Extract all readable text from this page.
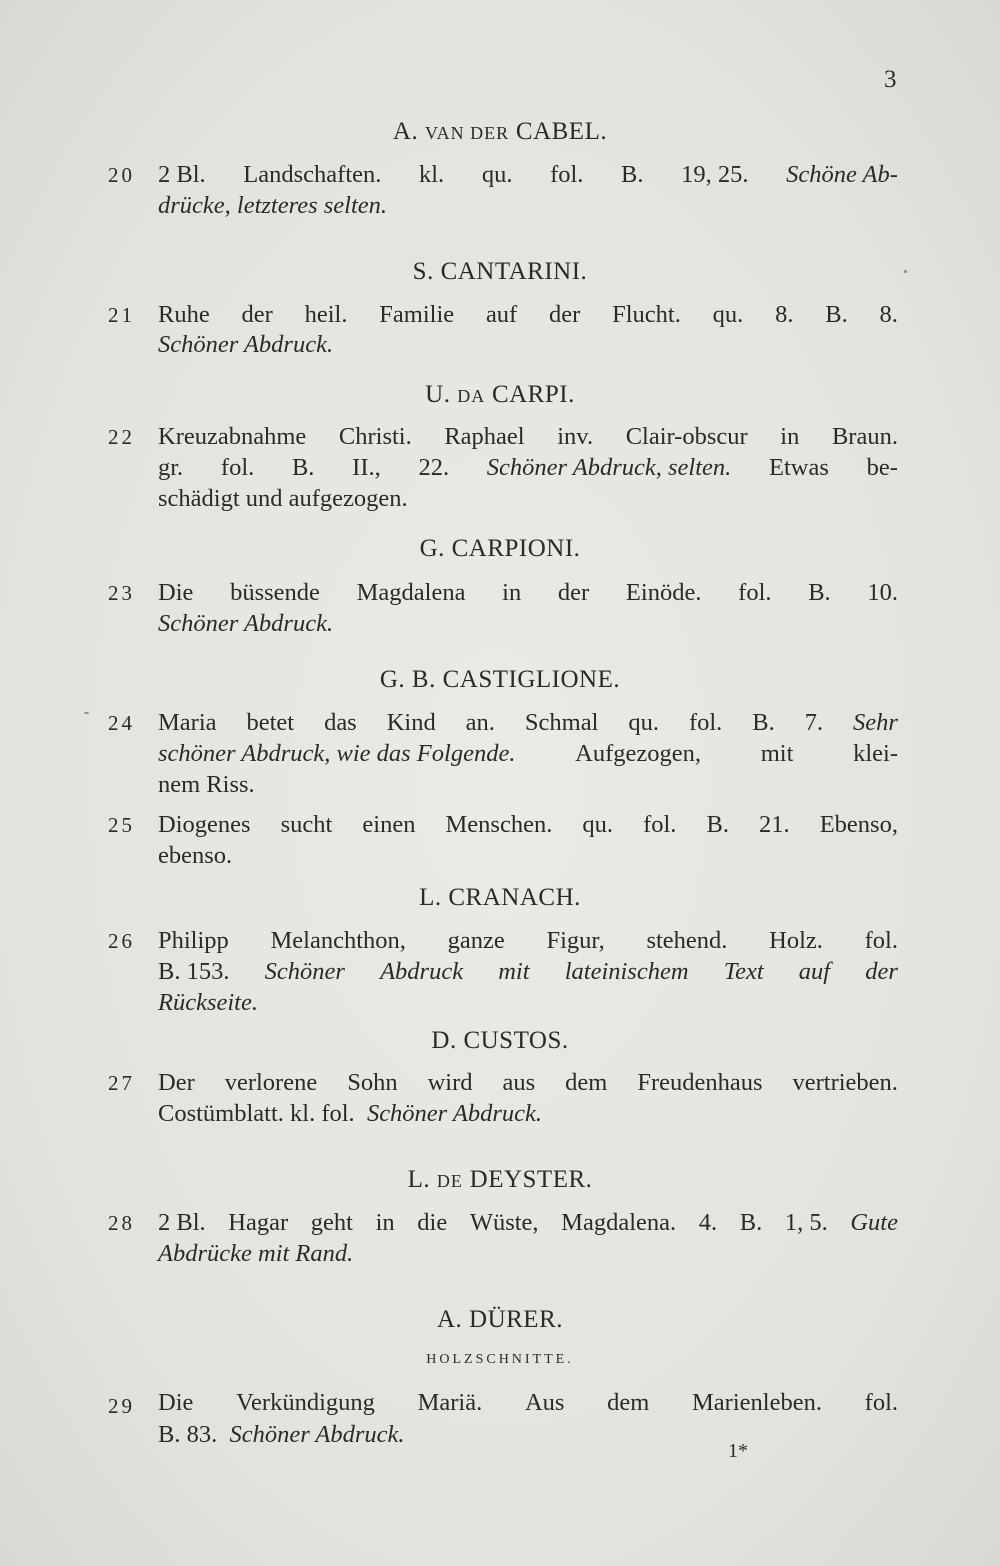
3
A. VAN DER CABEL.
20 2 Bl. Landschaften. kl. qu. fol. B. 19, 25. Schöne Ab-
drücke, letzteres selten.
S. CANTARINI.
21 Ruhe der heil. Familie auf der Flucht. qu. 8. B. 8.
Schöner Abdruck.
U. DA CARPI.
22 Kreuzabnahme Christi. Raphael inv. Clair-obscur in Braun.
gr. fol. B. II., 22. Schöner Abdruck, selten. Etwas be-
schädigt und aufgezogen.
G. CARPIONI.
23 Die büssende Magdalena in der Einöde. fol. B. 10.
Schöner Abdruck.
G. B. CASTIGLIONE.
24 Maria betet das Kind an. Schmal qu. fol. B. 7. Sehr
schöner Abdruck, wie das Folgende. Aufgezogen, mit klei-
nem Riss.
25 Diogenes sucht einen Menschen. qu. fol. B. 21. Ebenso,
ebenso.
L. CRANACH.
26 Philipp Melanchthon, ganze Figur, stehend. Holz. fol.
B. 153. Schöner Abdruck mit lateinischem Text auf der
Rückseite.
D. CUSTOS.
27 Der verlorene Sohn wird aus dem Freudenhaus vertrieben.
Costümblatt. kl. fol. Schöner Abdruck.
L. DE DEYSTER.
28 2 Bl. Hagar geht in die Wüste, Magdalena. 4. B. 1, 5. Gute
Abdrücke mit Rand.
A. DÜRER.
HOLZSCHNITTE.
29 Die Verkündigung Mariä. Aus dem Marienleben. fol.
B. 83. Schöner Abdruck.
1*
